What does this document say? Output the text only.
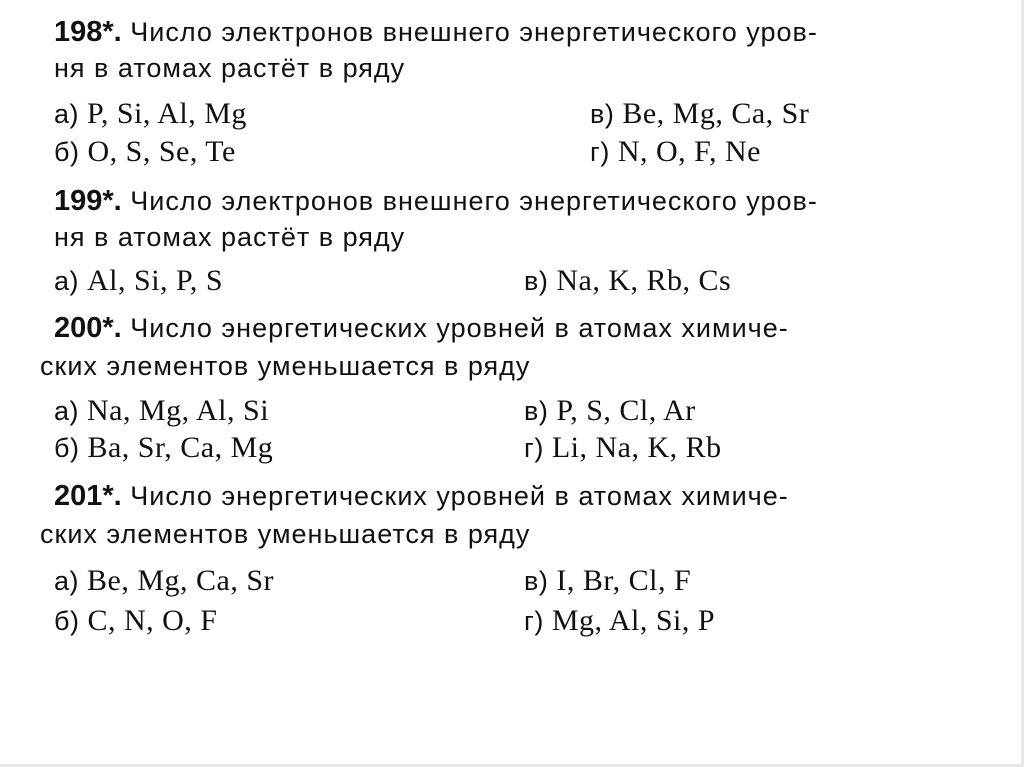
198*. Число электронов внешнего энергетического уров-
ня в атомах растёт в ряду
а) P, Si, Al, Mg	в) Be, Mg, Ca, Sr
б) O, S, Se, Te	г) N, O, F, Ne
199*. Число электронов внешнего энергетического уров-
ня в атомах растёт в ряду
а) Al, Si, P, S	в) Na, K, Rb, Cs
200*. Число энергетических уровней в атомах химиче-
ских элементов уменьшается в ряду
а) Na, Mg, Al, Si	в) P, S, Cl, Ar
б) Ba, Sr, Ca, Mg	г) Li, Na, K, Rb
201*. Число энергетических уровней в атомах химиче-
ских элементов уменьшается в ряду
а) Be, Mg, Ca, Sr	в) I, Br, Cl, F
б) C, N, O, F	г) Mg, Al, Si, P
